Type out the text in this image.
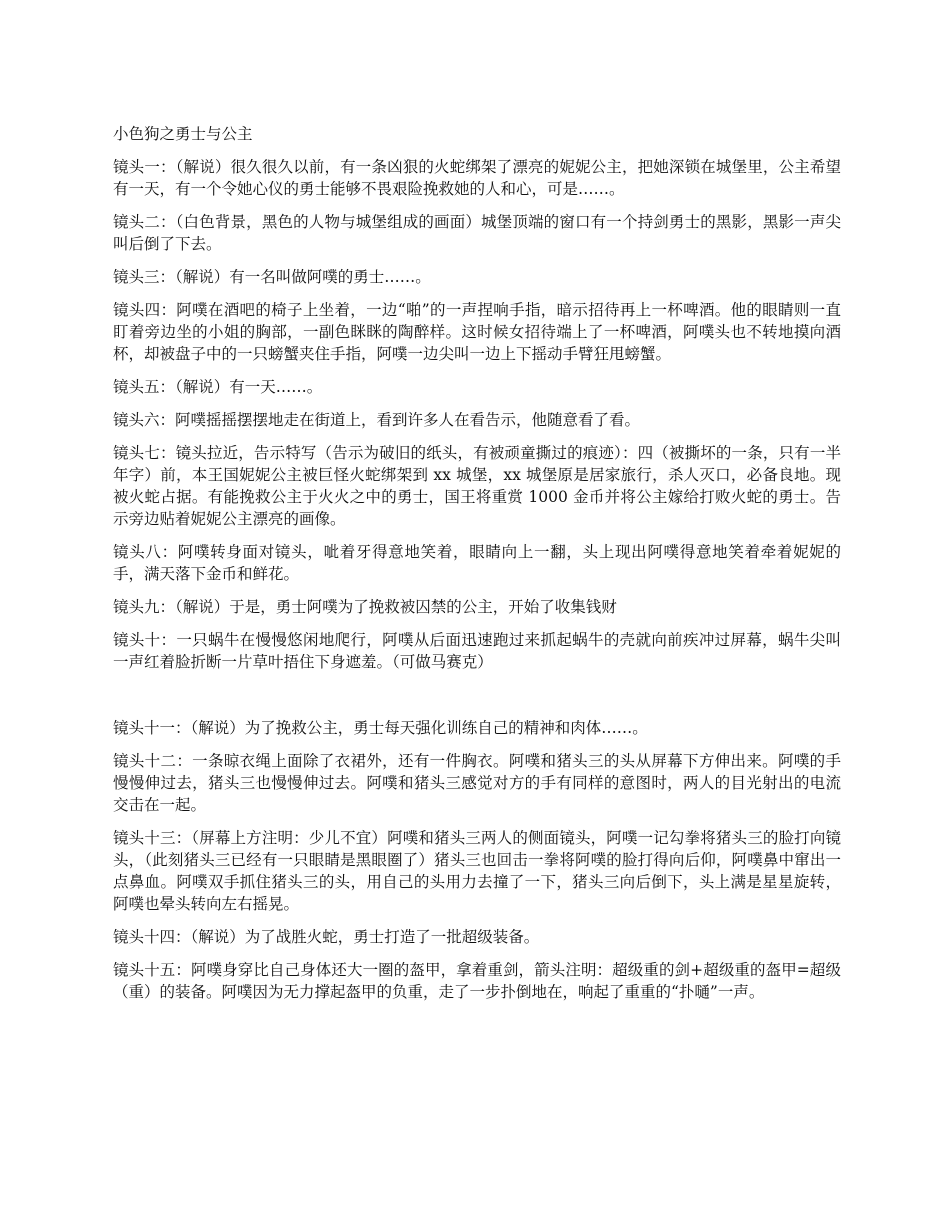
小色狗之勇士与公主

镜头一：（解说）很久很久以前，有一条凶狠的火蛇绑架了漂亮的妮妮公主，把她深锁在城堡里，公主希望有一天，有一个令她心仪的勇士能够不畏艰险挽救她的人和心，可是……。

镜头二：（白色背景，黑色的人物与城堡组成的画面）城堡顶端的窗口有一个持剑勇士的黑影，黑影一声尖叫后倒了下去。

镜头三：（解说）有一名叫做阿噗的勇士……。

镜头四：阿噗在酒吧的椅子上坐着，一边“啪”的一声捏响手指，暗示招待再上一杯啤酒。他的眼睛则一直盯着旁边坐的小姐的胸部，一副色眯眯的陶醉样。这时候女招待端上了一杯啤酒，阿噗头也不转地摸向酒杯，却被盘子中的一只螃蟹夹住手指，阿噗一边尖叫一边上下摇动手臂狂甩螃蟹。

镜头五：（解说）有一天……。

镜头六：阿噗摇摇摆摆地走在街道上，看到许多人在看告示，他随意看了看。

镜头七：镜头拉近，告示特写（告示为破旧的纸头，有被顽童撕过的痕迹）：四（被撕坏的一条，只有一半年字）前，本王国妮妮公主被巨怪火蛇绑架到 xx 城堡，xx 城堡原是居家旅行，杀人灭口，必备良地。现被火蛇占据。有能挽救公主于火火之中的勇士，国王将重赏 1000 金币并将公主嫁给打败火蛇的勇士。告示旁边贴着妮妮公主漂亮的画像。

镜头八：阿噗转身面对镜头，呲着牙得意地笑着，眼睛向上一翻，头上现出阿噗得意地笑着牵着妮妮的手，满天落下金币和鲜花。

镜头九：（解说）于是，勇士阿噗为了挽救被囚禁的公主，开始了收集钱财

镜头十：一只蜗牛在慢慢悠闲地爬行，阿噗从后面迅速跑过来抓起蜗牛的壳就向前疾冲过屏幕，蜗牛尖叫一声红着脸折断一片草叶捂住下身遮羞。（可做马赛克）

镜头十一：（解说）为了挽救公主，勇士每天强化训练自己的精神和肉体……。

镜头十二：一条晾衣绳上面除了衣裙外，还有一件胸衣。阿噗和猪头三的头从屏幕下方伸出来。阿噗的手慢慢伸过去，猪头三也慢慢伸过去。阿噗和猪头三感觉对方的手有同样的意图时，两人的目光射出的电流交击在一起。

镜头十三：（屏幕上方注明：少儿不宜）阿噗和猪头三两人的侧面镜头，阿噗一记勾拳将猪头三的脸打向镜头，（此刻猪头三已经有一只眼睛是黑眼圈了）猪头三也回击一拳将阿噗的脸打得向后仰，阿噗鼻中窜出一点鼻血。阿噗双手抓住猪头三的头，用自己的头用力去撞了一下，猪头三向后倒下，头上满是星星旋转，阿噗也晕头转向左右摇晃。

镜头十四：（解说）为了战胜火蛇，勇士打造了一批超级装备。

镜头十五：阿噗身穿比自己身体还大一圈的盔甲，拿着重剑，箭头注明：超级重的剑+超级重的盔甲=超级（重）的装备。阿噗因为无力撑起盔甲的负重，走了一步扑倒地在，响起了重重的“扑嗵”一声。
